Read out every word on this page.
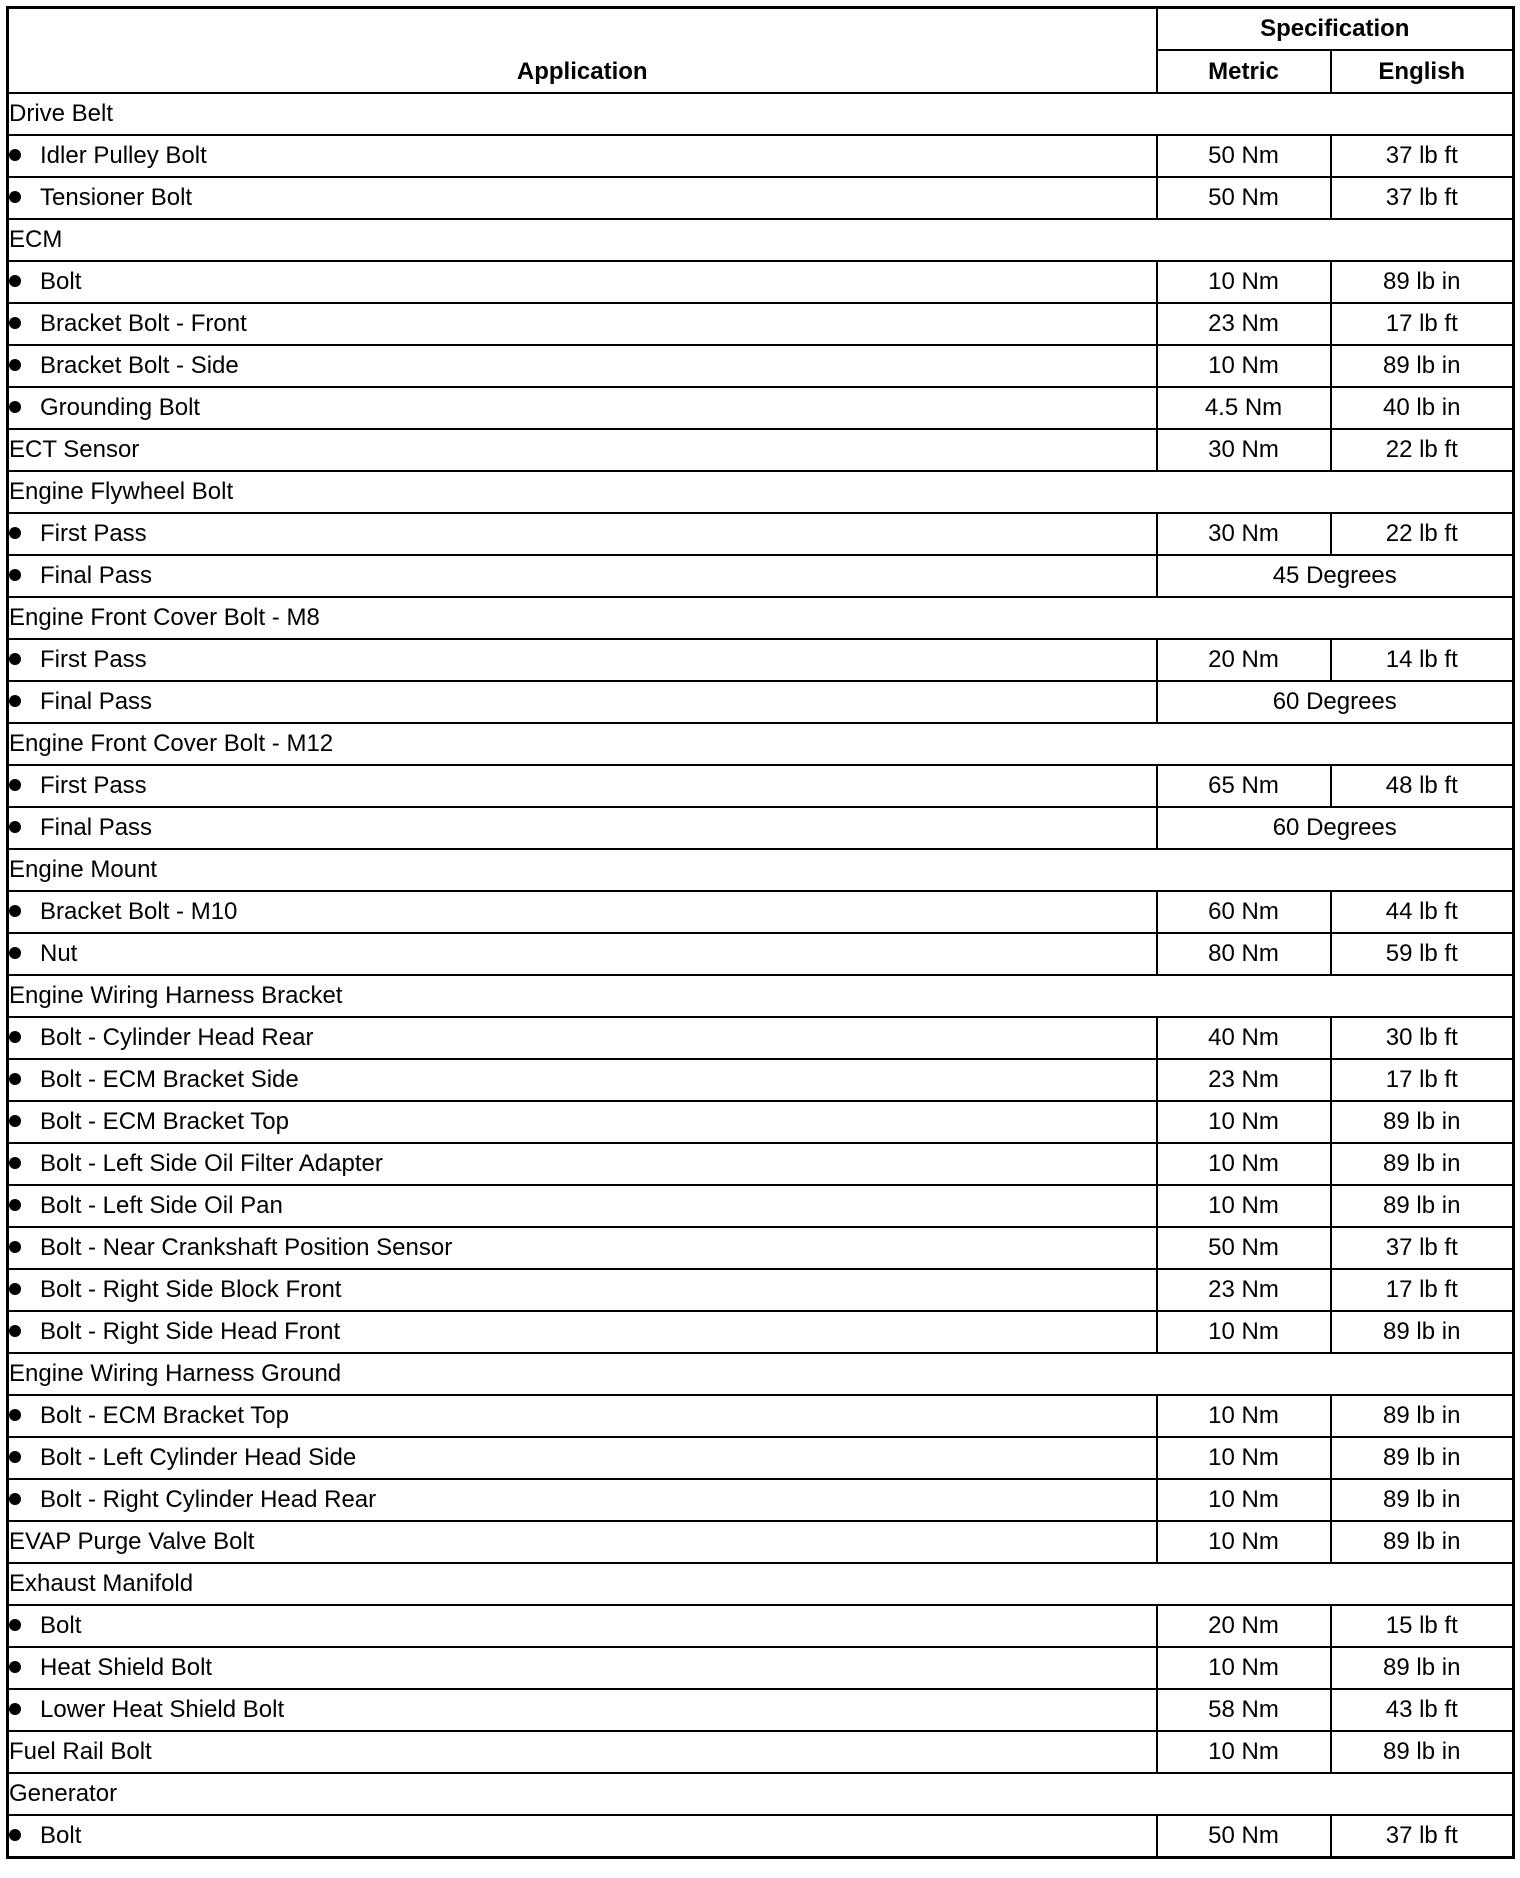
Application	Specification	
	Metric	English
Drive Belt		
Idler Pulley Bolt	50 Nm	37 lb ft
Tensioner Bolt	50 Nm	37 lb ft
ECM		
Bolt	10 Nm	89 lb in
Bracket Bolt - Front	23 Nm	17 lb ft
Bracket Bolt - Side	10 Nm	89 lb in
Grounding Bolt	4.5 Nm	40 lb in
ECT Sensor	30 Nm	22 lb ft
Engine Flywheel Bolt		
First Pass	30 Nm	22 lb ft
Final Pass	45 Degrees	
Engine Front Cover Bolt - M8		
First Pass	20 Nm	14 lb ft
Final Pass	60 Degrees	
Engine Front Cover Bolt - M12		
First Pass	65 Nm	48 lb ft
Final Pass	60 Degrees	
Engine Mount		
Bracket Bolt - M10	60 Nm	44 lb ft
Nut	80 Nm	59 lb ft
Engine Wiring Harness Bracket		
Bolt - Cylinder Head Rear	40 Nm	30 lb ft
Bolt - ECM Bracket Side	23 Nm	17 lb ft
Bolt - ECM Bracket Top	10 Nm	89 lb in
Bolt - Left Side Oil Filter Adapter	10 Nm	89 lb in
Bolt - Left Side Oil Pan	10 Nm	89 lb in
Bolt - Near Crankshaft Position Sensor	50 Nm	37 lb ft
Bolt - Right Side Block Front	23 Nm	17 lb ft
Bolt - Right Side Head Front	10 Nm	89 lb in
Engine Wiring Harness Ground		
Bolt - ECM Bracket Top	10 Nm	89 lb in
Bolt - Left Cylinder Head Side	10 Nm	89 lb in
Bolt - Right Cylinder Head Rear	10 Nm	89 lb in
EVAP Purge Valve Bolt	10 Nm	89 lb in
Exhaust Manifold		
Bolt	20 Nm	15 lb ft
Heat Shield Bolt	10 Nm	89 lb in
Lower Heat Shield Bolt	58 Nm	43 lb ft
Fuel Rail Bolt	10 Nm	89 lb in
Generator		
Bolt	50 Nm	37 lb ft
